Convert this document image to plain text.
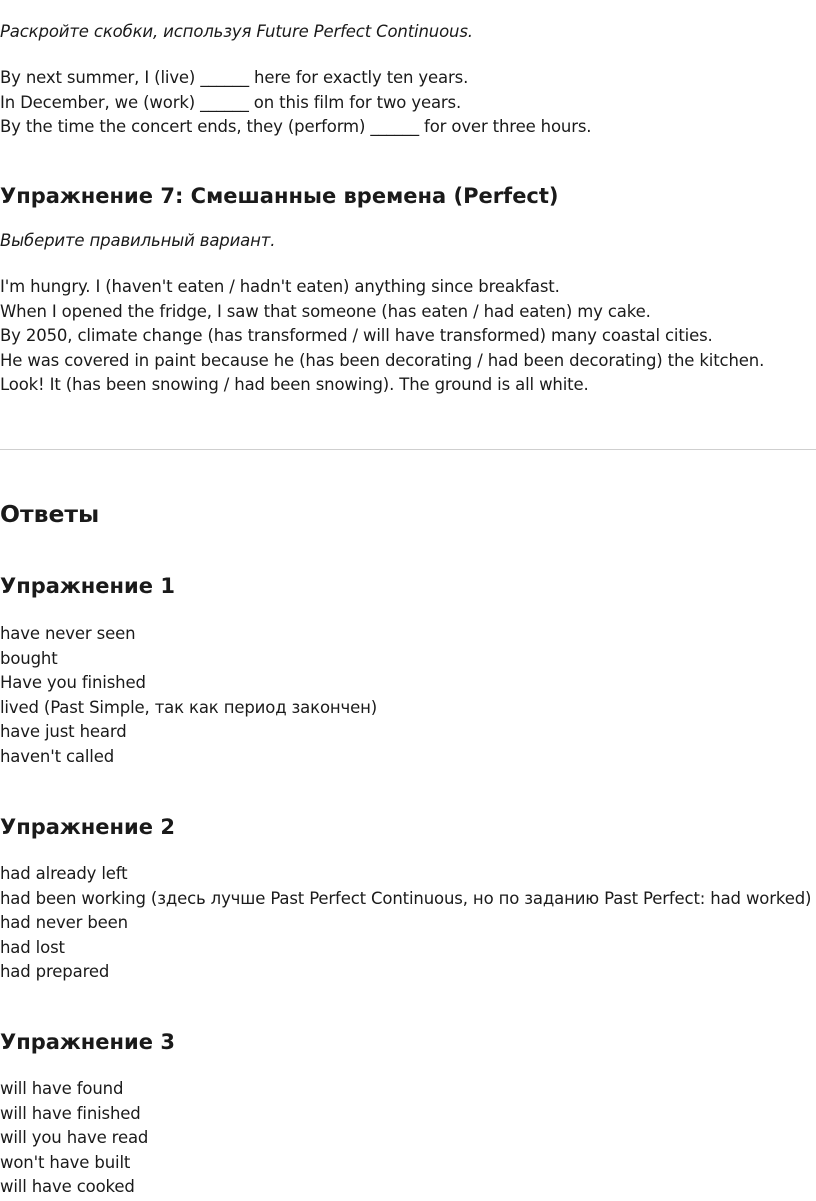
Раскройте скобки, используя Future Perfect Continuous.

By next summer, I (live) ______ here for exactly ten years.

In December, we (work) ______ on this film for two years.

By the time the concert ends, they (perform) ______ for over three hours.

Упражнение 7: Смешанные времена (Perfect)

Выберите правильный вариант.

I'm hungry. I (haven't eaten / hadn't eaten) anything since breakfast.

When I opened the fridge, I saw that someone (has eaten / had eaten) my cake.

By 2050, climate change (has transformed / will have transformed) many coastal cities.

He was covered in paint because he (has been decorating / had been decorating) the kitchen.

Look! It (has been snowing / had been snowing). The ground is all white.

Ответы
Упражнение 1

have never seen

bought

Have you finished

lived (Past Simple, так как период закончен)

have just heard

haven't called

Упражнение 2

had already left

had been working (здесь лучше Past Perfect Continuous, но по заданию Past Perfect: had worked)

had never been

had lost

had prepared

Упражнение 3

will have found

will have finished

will you have read

won't have built

will have cooked
